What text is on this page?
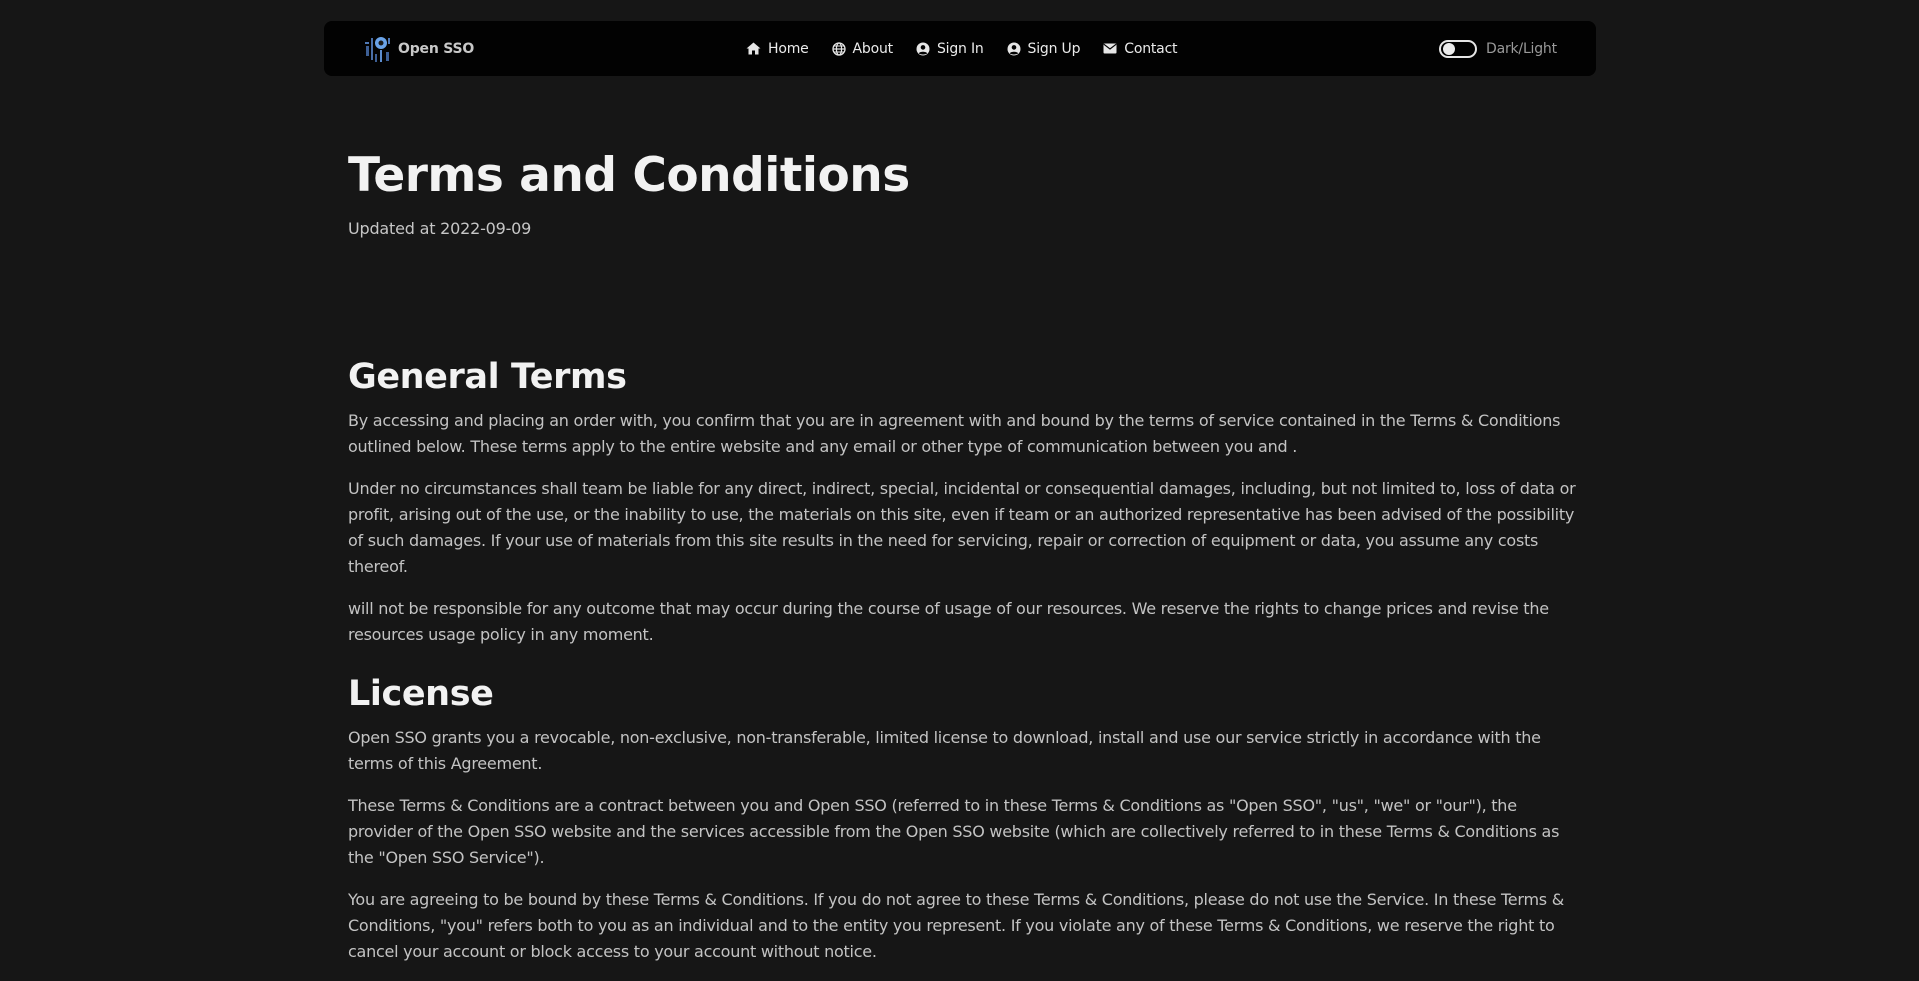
Open SSO	Home	About	Sign In	Sign Up	Contact	Dark/Light
Terms and Conditions
Updated at 2022-09-09
General Terms

By accessing and placing an order with, you confirm that you are in agreement with and bound by the terms of service contained in the Terms & Conditions outlined below. These terms apply to the entire website and any email or other type of communication between you and .

Under no circumstances shall team be liable for any direct, indirect, special, incidental or consequential damages, including, but not limited to, loss of data or profit, arising out of the use, or the inability to use, the materials on this site, even if team or an authorized representative has been advised of the possibility of such damages. If your use of materials from this site results in the need for servicing, repair or correction of equipment or data, you assume any costs thereof.

will not be responsible for any outcome that may occur during the course of usage of our resources. We reserve the rights to change prices and revise the resources usage policy in any moment.

License

Open SSO grants you a revocable, non-exclusive, non-transferable, limited license to download, install and use our service strictly in accordance with the terms of this Agreement.

These Terms & Conditions are a contract between you and Open SSO (referred to in these Terms & Conditions as "Open SSO", "us", "we" or "our"), the provider of the Open SSO website and the services accessible from the Open SSO website (which are collectively referred to in these Terms & Conditions as the "Open SSO Service").

You are agreeing to be bound by these Terms & Conditions. If you do not agree to these Terms & Conditions, please do not use the Service. In these Terms & Conditions, "you" refers both to you as an individual and to the entity you represent. If you violate any of these Terms & Conditions, we reserve the right to cancel your account or block access to your account without notice.
